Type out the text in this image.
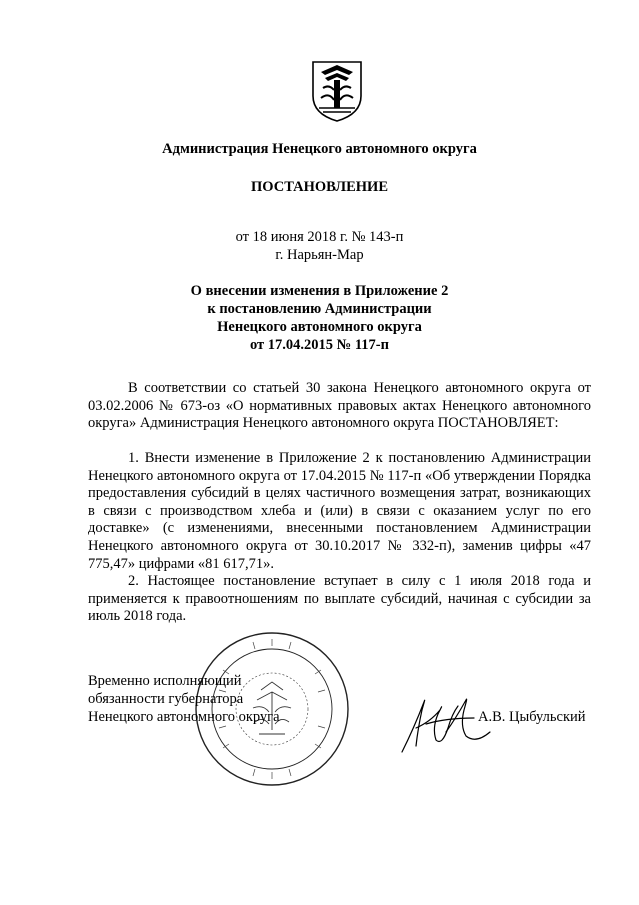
Администрация Ненецкого автономного округа
ПОСТАНОВЛЕНИЕ
от 18 июня 2018 г. № 143-п
г. Нарьян-Мар
О внесении изменения в Приложение 2
к постановлению Администрации
Ненецкого автономного округа
от 17.04.2015 № 117-п
В соответствии со статьей 30 закона Ненецкого автономного округа от 03.02.2006 № 673-оз «О нормативных правовых актах Ненецкого автономного округа» Администрация Ненецкого автономного округа ПОСТАНОВЛЯЕТ:
1. Внести изменение в Приложение 2 к постановлению Администрации Ненецкого автономного округа от 17.04.2015 № 117-п «Об утверждении Порядка предоставления субсидий в целях частичного возмещения затрат, возникающих в связи с производством хлеба и (или) в связи с оказанием услуг по его доставке» (с изменениями, внесенными постановлением Администрации Ненецкого автономного округа от 30.10.2017 № 332-п), заменив цифры «47 775,47» цифрами «81 617,71».
2. Настоящее постановление вступает в силу с 1 июля 2018 года и применяется к правоотношениям по выплате субсидий, начиная с субсидии за июль 2018 года.
Временно исполняющий
обязанности губернатора
Ненецкого автономного округа	А.В. Цыбульский
